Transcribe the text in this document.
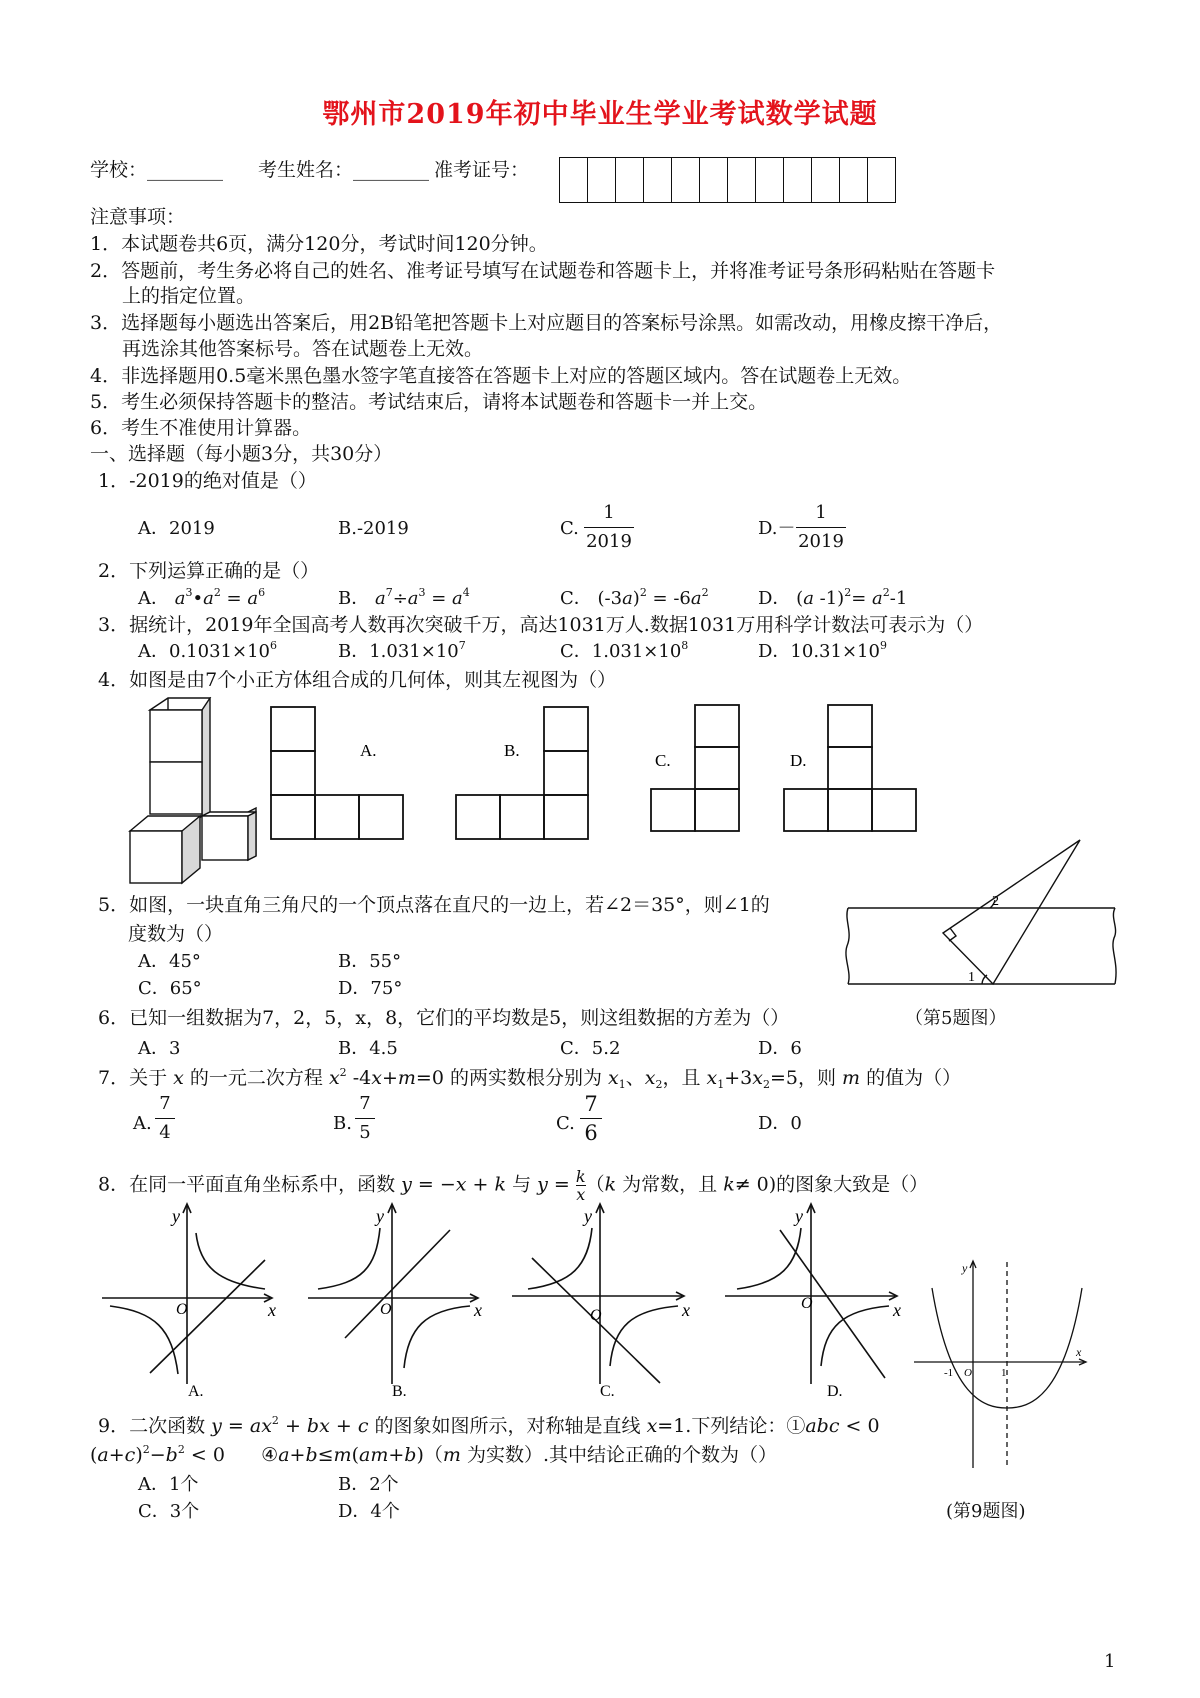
鄂州市2019年初中毕业生学业考试数学试题
学校：________ 考生姓名：________ 准考证号：
注意事项：
1．本试题卷共6页，满分120分，考试时间120分钟。
2．答题前，考生务必将自己的姓名、准考证号填写在试题卷和答题卡上，并将准考证号条形码粘贴在答题卡
上的指定位置。
3．选择题每小题选出答案后，用2B铅笔把答题卡上对应题目的答案标号涂黑。如需改动，用橡皮擦干净后，
再选涂其他答案标号。答在试题卷上无效。
4．非选择题用0.5毫米黑色墨水签字笔直接答在答题卡上对应的答题区域内。答在试题卷上无效。
5．考生必须保持答题卡的整洁。考试结束后，请将本试题卷和答题卡一并上交。
6．考生不准使用计算器。
一、选择题（每小题3分，共30分）
1．-2019的绝对值是（）
A．2019	B.-2019	C.
1
2019
D.－
1
2019
2．下列运算正确的是（）
A． $a^3•a^2 = a^6$	B． $a^7\div a^3 = a^4$	C． $(-3a)^2 = -6a^2$	D． (a $-1)^2= a^2-1$
3．据统计，2019年全国高考人数再次突破千万，高达1031万人.数据1031万用科学计数法可表示为（）
A．$0.1031\times 10^6$	B．$1.031\times 10^7$	C．$1.031\times 10^8$	D．$10.31\times 10^9$
4．如图是由7个小正方体组合成的几何体，则其左视图为（）
A.	B.
C.	D.
5．如图，一块直角三角尺的一个顶点落在直尺的一边上，若∠2＝35°，则∠1的
度数为（）
A．45°	B．55°
C．65°	D．75°
2
1
（第5题图）
6．已知一组数据为7，2，5，x，8，它们的平均数是5，则这组数据的方差为（）
A．3	B．4.5	C．5.2	D．6
7．关于 x 的一元二次方程 $x^2$ -4x+m=0 的两实数根分别为 $x_1$、$x_2$，且 $x_1+3x_2=5$，则 m 的值为（）
A.
7
4	B.
7
5	C.
7
6	D．0
8．在同一平面直角坐标系中，函数 y = −x + k 与 $y = \frac{k}{x} (k$ 为常数，且 k≠ 0)的图象大致是（）
O	x
y
A.
O	x
y
B.
O	x
y
C.
O	x
y
D.
-1 O	1
x
y
9．二次函数 $y = ax^2$ + bx + c 的图象如图所示，对称轴是直线 x=1.下列结论：①abc < 0
$(a+c)^2-b^2 < 0$      ④a+b≤m(am+b)（m 为实数）.其中结论正确的个数为（）
A．1个	B．2个
C．3个	D．4个	(第9题图)
1
